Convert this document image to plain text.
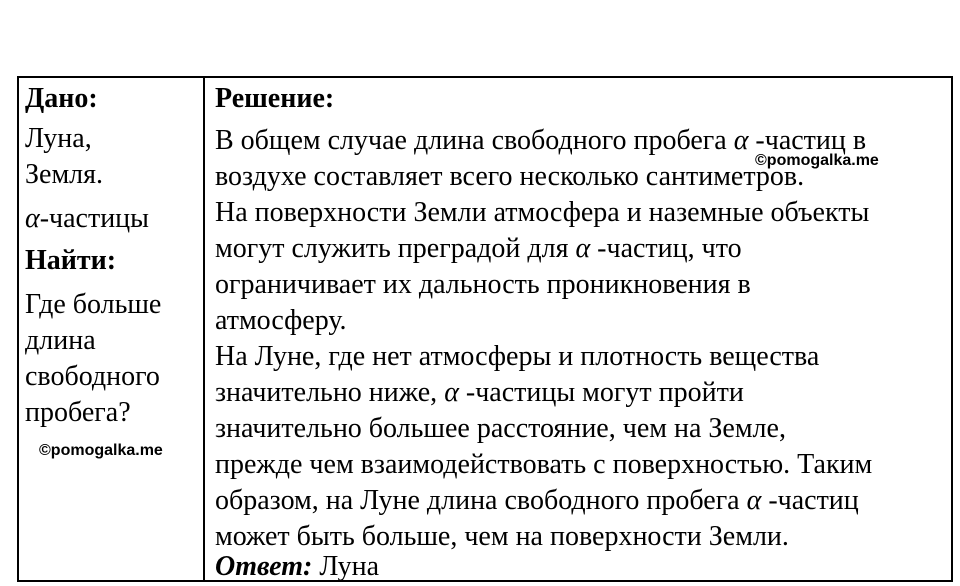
Дано:
Луна,
Земля.
α-частицы
Найти:
Где больше
длина
свободного
пробега?
©pomogalka.me
Решение:
В общем случае длина свободного пробега α -частиц в
©pomogalka.me
воздухе составляет всего несколько сантиметров.
На поверхности Земли атмосфера и наземные объекты
могут служить преградой для α -частиц, что
ограничивает их дальность проникновения в
атмосферу.
На Луне, где нет атмосферы и плотность вещества
значительно ниже, α -частицы могут пройти
значительно большее расстояние, чем на Земле,
прежде чем взаимодействовать с поверхностью. Таким
образом, на Луне длина свободного пробега α -частиц
может быть больше, чем на поверхности Земли.
Ответ: Луна
